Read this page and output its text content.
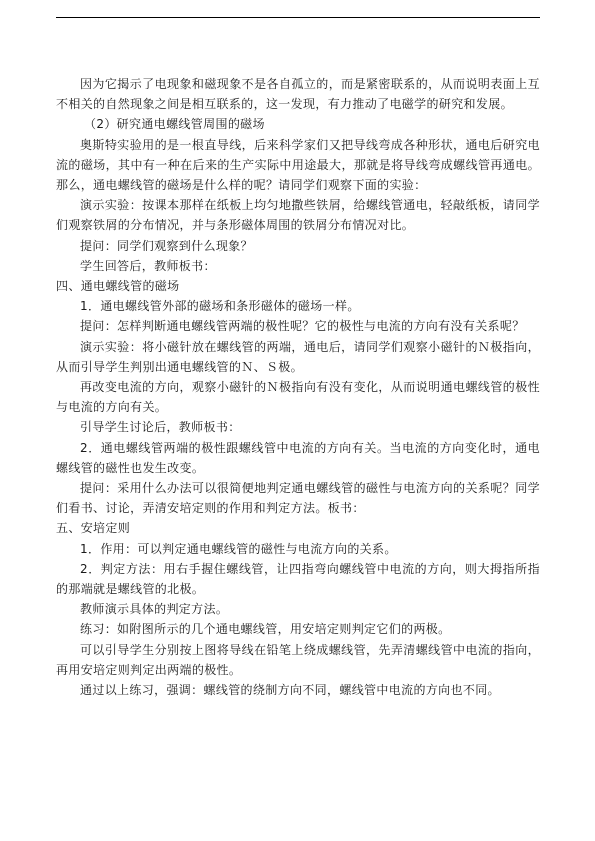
因为它揭示了电现象和磁现象不是各自孤立的，而是紧密联系的，从而说明表面上互不相关的自然现象之间是相互联系的，这一发现，有力推动了电磁学的研究和发展。

（2）研究通电螺线管周围的磁场

奥斯特实验用的是一根直导线，后来科学家们又把导线弯成各种形状，通电后研究电流的磁场，其中有一种在后来的生产实际中用途最大，那就是将导线弯成螺线管再通电。那么，通电螺线管的磁场是什么样的呢？请同学们观察下面的实验：

演示实验：按课本那样在纸板上均匀地撒些铁屑，给螺线管通电，轻敲纸板，请同学们观察铁屑的分布情况，并与条形磁体周围的铁屑分布情况对比。

提问：同学们观察到什么现象？

学生回答后，教师板书：

四、通电螺线管的磁场

1．通电螺线管外部的磁场和条形磁体的磁场一样。

提问：怎样判断通电螺线管两端的极性呢？它的极性与电流的方向有没有关系呢？

演示实验：将小磁针放在螺线管的两端，通电后，请同学们观察小磁针的Ｎ极指向，从而引导学生判别出通电螺线管的Ｎ、Ｓ极。

再改变电流的方向，观察小磁针的Ｎ极指向有没有变化，从而说明通电螺线管的极性与电流的方向有关。

引导学生讨论后，教师板书：

2．通电螺线管两端的极性跟螺线管中电流的方向有关。当电流的方向变化时，通电螺线管的磁性也发生改变。

提问：采用什么办法可以很简便地判定通电螺线管的磁性与电流方向的关系呢？同学们看书、讨论，弄清安培定则的作用和判定方法。板书：

五、安培定则

1．作用：可以判定通电螺线管的磁性与电流方向的关系。

2．判定方法：用右手握住螺线管，让四指弯向螺线管中电流的方向，则大拇指所指的那端就是螺线管的北极。

教师演示具体的判定方法。

练习：如附图所示的几个通电螺线管，用安培定则判定它们的两极。

可以引导学生分别按上图将导线在铅笔上绕成螺线管，先弄清螺线管中电流的指向，再用安培定则判定出两端的极性。

通过以上练习，强调：螺线管的绕制方向不同，螺线管中电流的方向也不同。
